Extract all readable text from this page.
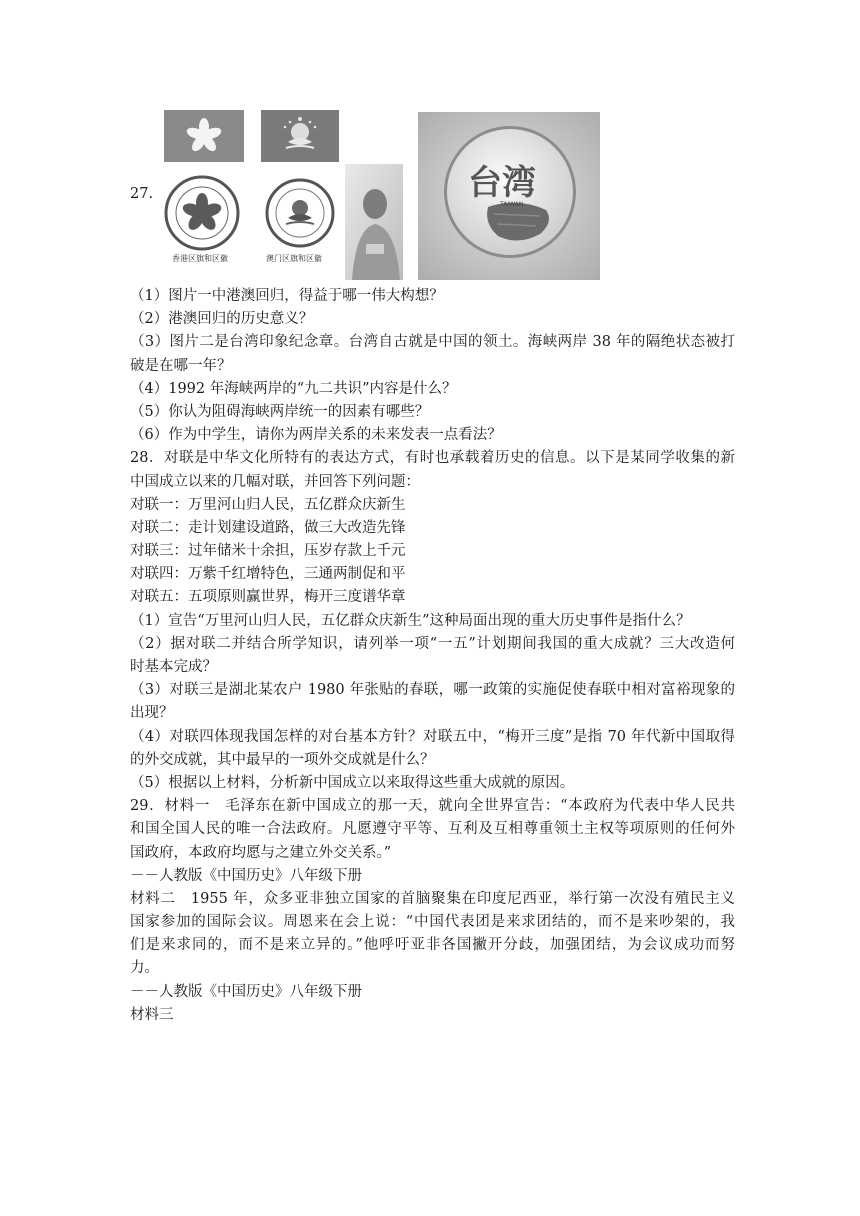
27.
香港区旗和区徽	澳门区旗和区徽
台湾
TAIWAN
（1）图片一中港澳回归，得益于哪一伟大构想？
（2）港澳回归的历史意义？
（3）图片二是台湾印象纪念章。台湾自古就是中国的领土。海峡两岸 38 年的隔绝状态被打
破是在哪一年？
（4）1992 年海峡两岸的“九二共识”内容是什么？
（5）你认为阻碍海峡两岸统一的因素有哪些？
（6）作为中学生，请你为两岸关系的未来发表一点看法？
28．对联是中华文化所特有的表达方式，有时也承载着历史的信息。以下是某同学收集的新
中国成立以来的几幅对联，并回答下列问题：
对联一：万里河山归人民，五亿群众庆新生
对联二：走计划建设道路，做三大改造先锋
对联三：过年储米十余担，压岁存款上千元
对联四：万紫千红增特色，三通两制促和平
对联五：五项原则赢世界，梅开三度谱华章
（1）宣告“万里河山归人民，五亿群众庆新生”这种局面出现的重大历史事件是指什么？
（2）据对联二并结合所学知识，请列举一项“一五”计划期间我国的重大成就？三大改造何
时基本完成？
（3）对联三是湖北某农户 1980 年张贴的春联，哪一政策的实施促使春联中相对富裕现象的
出现？
（4）对联四体现我国怎样的对台基本方针？对联五中，“梅开三度”是指 70 年代新中国取得
的外交成就，其中最早的一项外交成就是什么？
（5）根据以上材料，分析新中国成立以来取得这些重大成就的原因。
29．材料一　毛泽东在新中国成立的那一天，就向全世界宣告：“本政府为代表中华人民共
和国全国人民的唯一合法政府。凡愿遵守平等、互利及互相尊重领土主权等项原则的任何外
国政府，本政府均愿与之建立外交关系。”
－－人教版《中国历史》八年级下册
材料二　1955 年，众多亚非独立国家的首脑聚集在印度尼西亚，举行第一次没有殖民主义
国家参加的国际会议。周恩来在会上说：“中国代表团是来求团结的，而不是来吵架的，我
们是来求同的，而不是来立异的。”他呼吁亚非各国撇开分歧，加强团结，为会议成功而努
力。
－－人教版《中国历史》八年级下册
材料三
